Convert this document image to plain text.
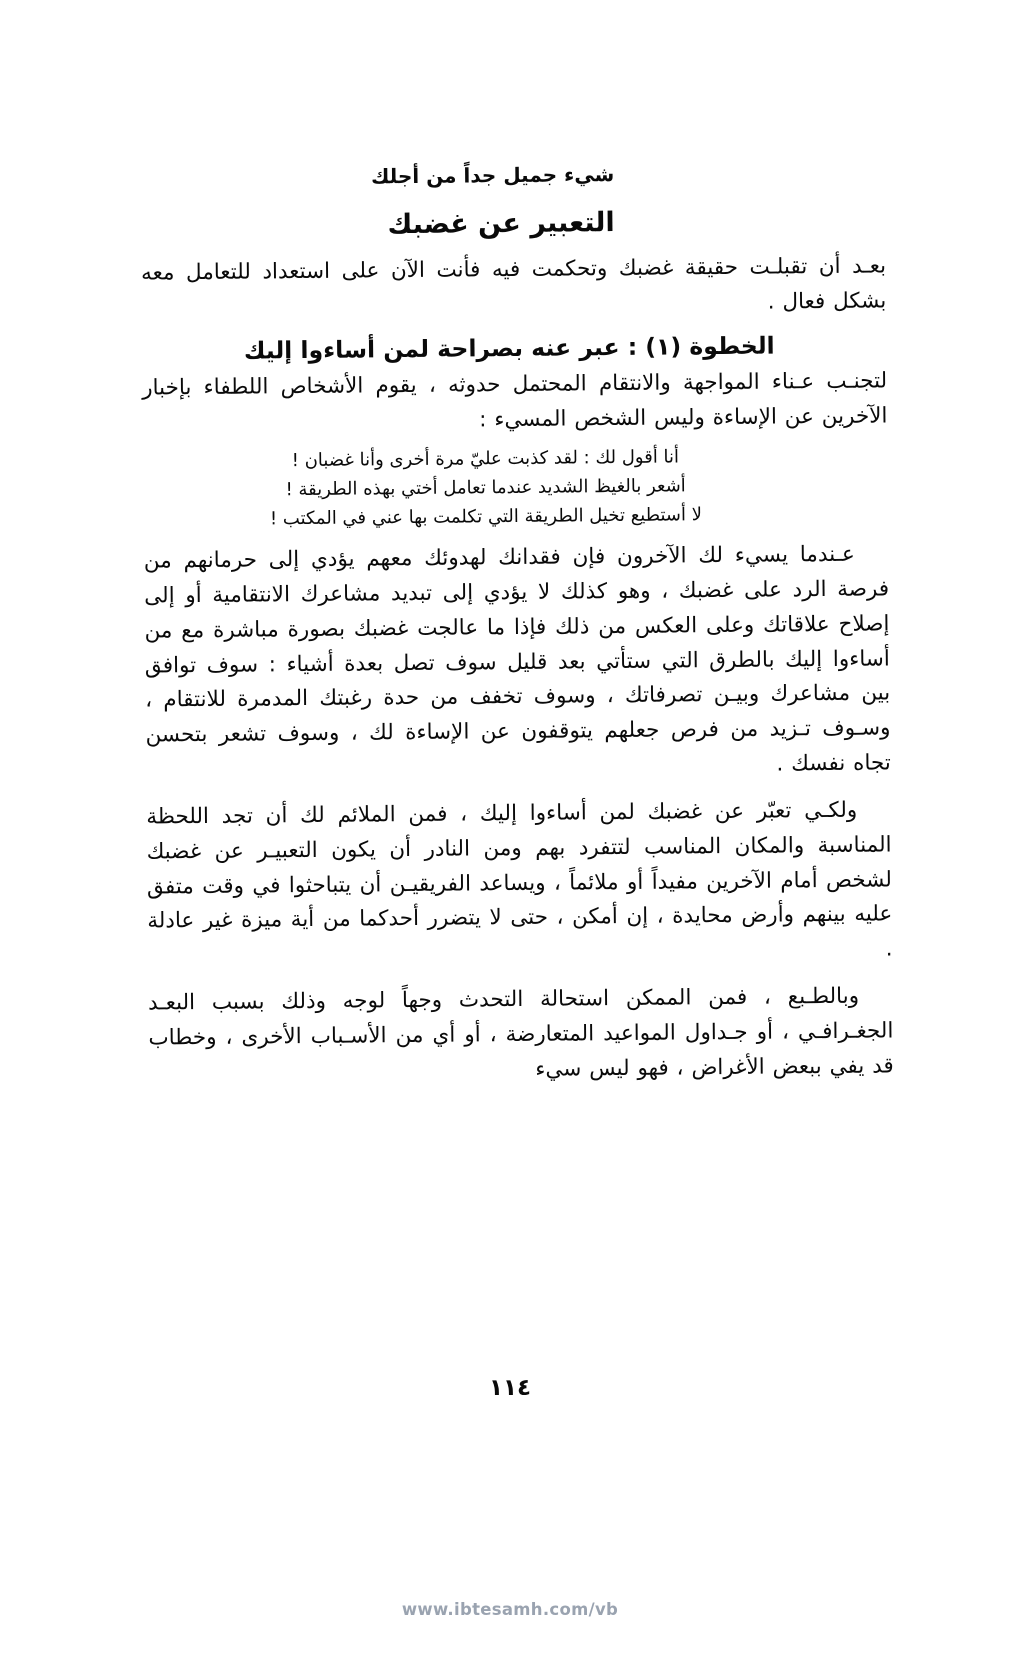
شيء جميل جداً من أجلك
التعبير عن غضبك

بعـد أن تقبلـت حقيقة غضبك وتحكمت فيه فأنت الآن على استعداد للتعامل معه بشكل فعال .

الخطوة (١) : عبر عنه بصراحة لمن أساءوا إليك

لتجنـب عـناء المواجهة والانتقام المحتمل حدوثه ، يقوم الأشخاص اللطفاء بإخبار الآخرين عن الإساءة وليس الشخص المسيء :

أنا أقول لك : لقد كذبت عليّ مرة أخرى وأنا غضبان !

أشعر بالغيظ الشديد عندما تعامل أختي بهذه الطريقة !

لا أستطيع تخيل الطريقة التي تكلمت بها عني في المكتب !

عـندما يسيء لك الآخرون فإن فقدانك لهدوئك معهم يؤدي إلى حرمانهم من فرصة الرد على غضبك ، وهو كذلك لا يؤدي إلى تبديد مشاعرك الانتقامية أو إلى إصلاح علاقاتك وعلى العكس من ذلك فإذا ما عالجت غضبك بصورة مباشرة مع من أساءوا إليك بالطرق التي ستأتي بعد قليل سوف تصل بعدة أشياء : سوف توافق بين مشاعرك وبيـن تصرفاتك ، وسوف تخفف من حدة رغبتك المدمرة للانتقام ، وسـوف تـزيد من فرص جعلهم يتوقفون عن الإساءة لك ، وسوف تشعر بتحسن تجاه نفسك .

ولكـي تعبّر عن غضبك لمن أساءوا إليك ، فمن الملائم لك أن تجد اللحظة المناسبة والمكان المناسب لتتفرد بهم ومن النادر أن يكون التعبيـر عن غضبك لشخص أمام الآخرين مفيداً أو ملائماً ، ويساعد الفريقيـن أن يتباحثوا في وقت متفق عليه بينهم وأرض محايدة ، إن أمكن ، حتى لا يتضرر أحدكما من أية ميزة غير عادلة .

وبالطـبع ، فمن الممكن استحالة التحدث وجهاً لوجه وذلك بسبب البعـد الجغـرافـي ، أو جـداول المواعيد المتعارضة ، أو أي من الأسـباب الأخرى ، وخطاب قد يفي ببعض الأغراض ، فهو ليس سيء

١١٤
www.ibtesamh.com/vb
